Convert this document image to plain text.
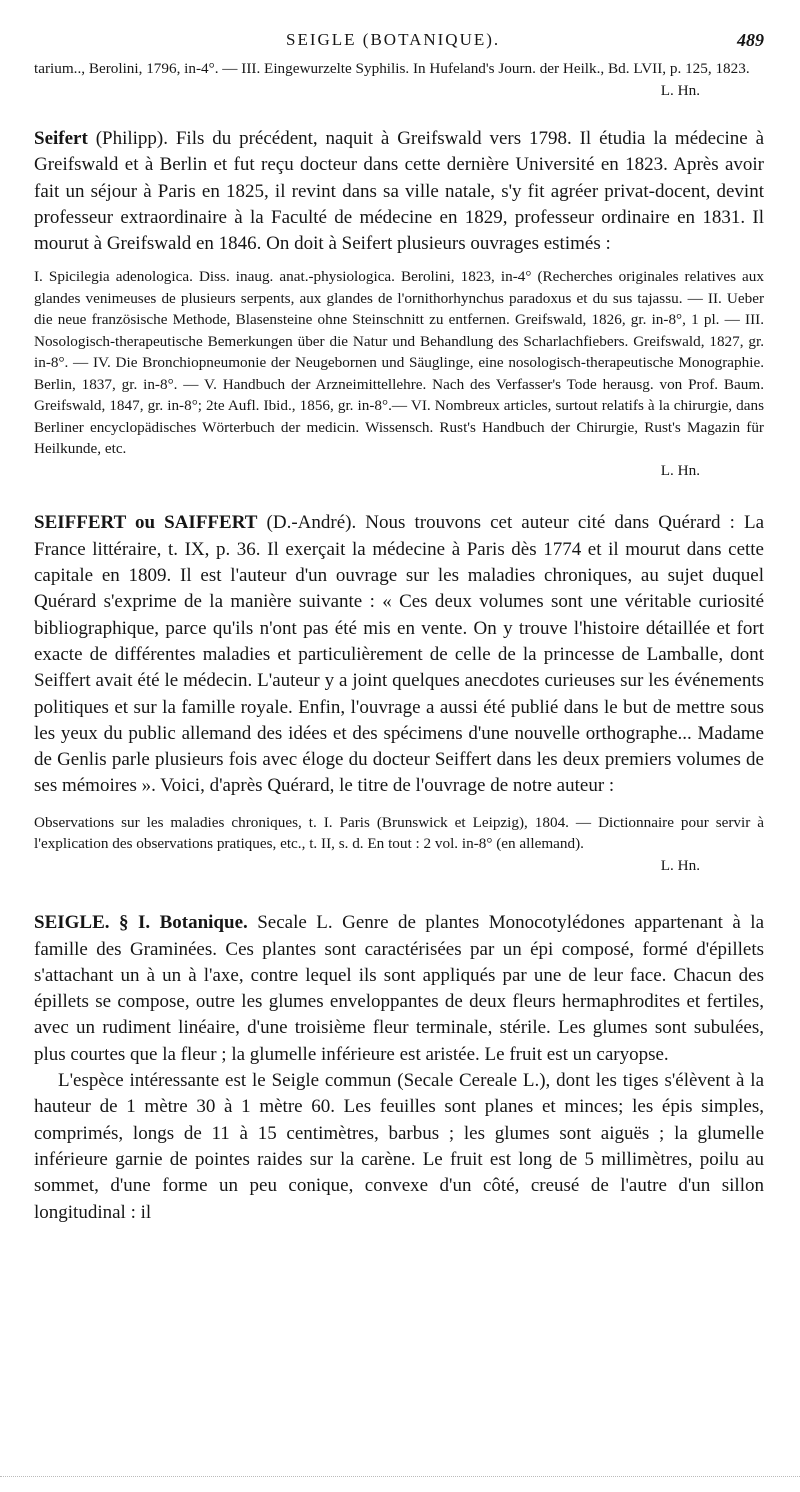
SEIGLE (BOTANIQUE).	489

tarium.., Berolini, 1796, in-4°. — III. Eingewurzelte Syphilis. In Hufeland's Journ. der Heilk., Bd. LVII, p. 125, 1823.
L. Hn.

Seifert (Philipp). Fils du précédent, naquit à Greifswald vers 1798. Il étudia la médecine à Greifswald et à Berlin et fut reçu docteur dans cette dernière Université en 1823. Après avoir fait un séjour à Paris en 1825, il revint dans sa ville natale, s'y fit agréer privat-docent, devint professeur extraordinaire à la Faculté de médecine en 1829, professeur ordinaire en 1831. Il mourut à Greifswald en 1846. On doit à Seifert plusieurs ouvrages estimés :

I. Spicilegia adenologica. Diss. inaug. anat.-physiologica. Berolini, 1823, in-4° (Recherches originales relatives aux glandes venimeuses de plusieurs serpents, aux glandes de l'ornithorhynchus paradoxus et du sus tajassu. — II. Ueber die neue französische Methode, Blasensteine ohne Steinschnitt zu entfernen. Greifswald, 1826, gr. in-8°, 1 pl. — III. Nosologisch-therapeutische Bemerkungen über die Natur und Behandlung des Scharlachfiebers. Greifswald, 1827, gr. in-8°. — IV. Die Bronchiopneumonie der Neugebornen und Säuglinge, eine nosologisch-therapeutische Monographie. Berlin, 1837, gr. in-8°. — V. Handbuch der Arzneimittellehre. Nach des Verfasser's Tode herausg. von Prof. Baum. Greifswald, 1847, gr. in-8°; 2te Aufl. Ibid., 1856, gr. in-8°.— VI. Nombreux articles, surtout relatifs à la chirurgie, dans Berliner encyclopädisches Wörterbuch der medicin. Wissensch. Rust's Handbuch der Chirurgie, Rust's Magazin für Heilkunde, etc.
L. Hn.

SEIFFERT ou SAIFFERT (D.-André). Nous trouvons cet auteur cité dans Quérard : La France littéraire, t. IX, p. 36. Il exerçait la médecine à Paris dès 1774 et il mourut dans cette capitale en 1809. Il est l'auteur d'un ouvrage sur les maladies chroniques, au sujet duquel Quérard s'exprime de la manière suivante : « Ces deux volumes sont une véritable curiosité bibliographique, parce qu'ils n'ont pas été mis en vente. On y trouve l'histoire détaillée et fort exacte de différentes maladies et particulièrement de celle de la princesse de Lamballe, dont Seiffert avait été le médecin. L'auteur y a joint quelques anecdotes curieuses sur les événements politiques et sur la famille royale. Enfin, l'ouvrage a aussi été publié dans le but de mettre sous les yeux du public allemand des idées et des spécimens d'une nouvelle orthographe... Madame de Genlis parle plusieurs fois avec éloge du docteur Seiffert dans les deux premiers volumes de ses mémoires ». Voici, d'après Quérard, le titre de l'ouvrage de notre auteur :

Observations sur les maladies chroniques, t. I. Paris (Brunswick et Leipzig), 1804. — Dictionnaire pour servir à l'explication des observations pratiques, etc., t. II, s. d. En tout : 2 vol. in-8° (en allemand).
L. Hn.

SEIGLE. § I. Botanique. Secale L. Genre de plantes Monocotylédones appartenant à la famille des Graminées. Ces plantes sont caractérisées par un épi composé, formé d'épillets s'attachant un à un à l'axe, contre lequel ils sont appliqués par une de leur face. Chacun des épillets se compose, outre les glumes enveloppantes de deux fleurs hermaphrodites et fertiles, avec un rudiment linéaire, d'une troisième fleur terminale, stérile. Les glumes sont subulées, plus courtes que la fleur ; la glumelle inférieure est aristée. Le fruit est un caryopse.

L'espèce intéressante est le Seigle commun (Secale Cereale L.), dont les tiges s'élèvent à la hauteur de 1 mètre 30 à 1 mètre 60. Les feuilles sont planes et minces; les épis simples, comprimés, longs de 11 à 15 centimètres, barbus ; les glumes sont aiguës ; la glumelle inférieure garnie de pointes raides sur la carène. Le fruit est long de 5 millimètres, poilu au sommet, d'une forme un peu conique, convexe d'un côté, creusé de l'autre d'un sillon longitudinal : il
